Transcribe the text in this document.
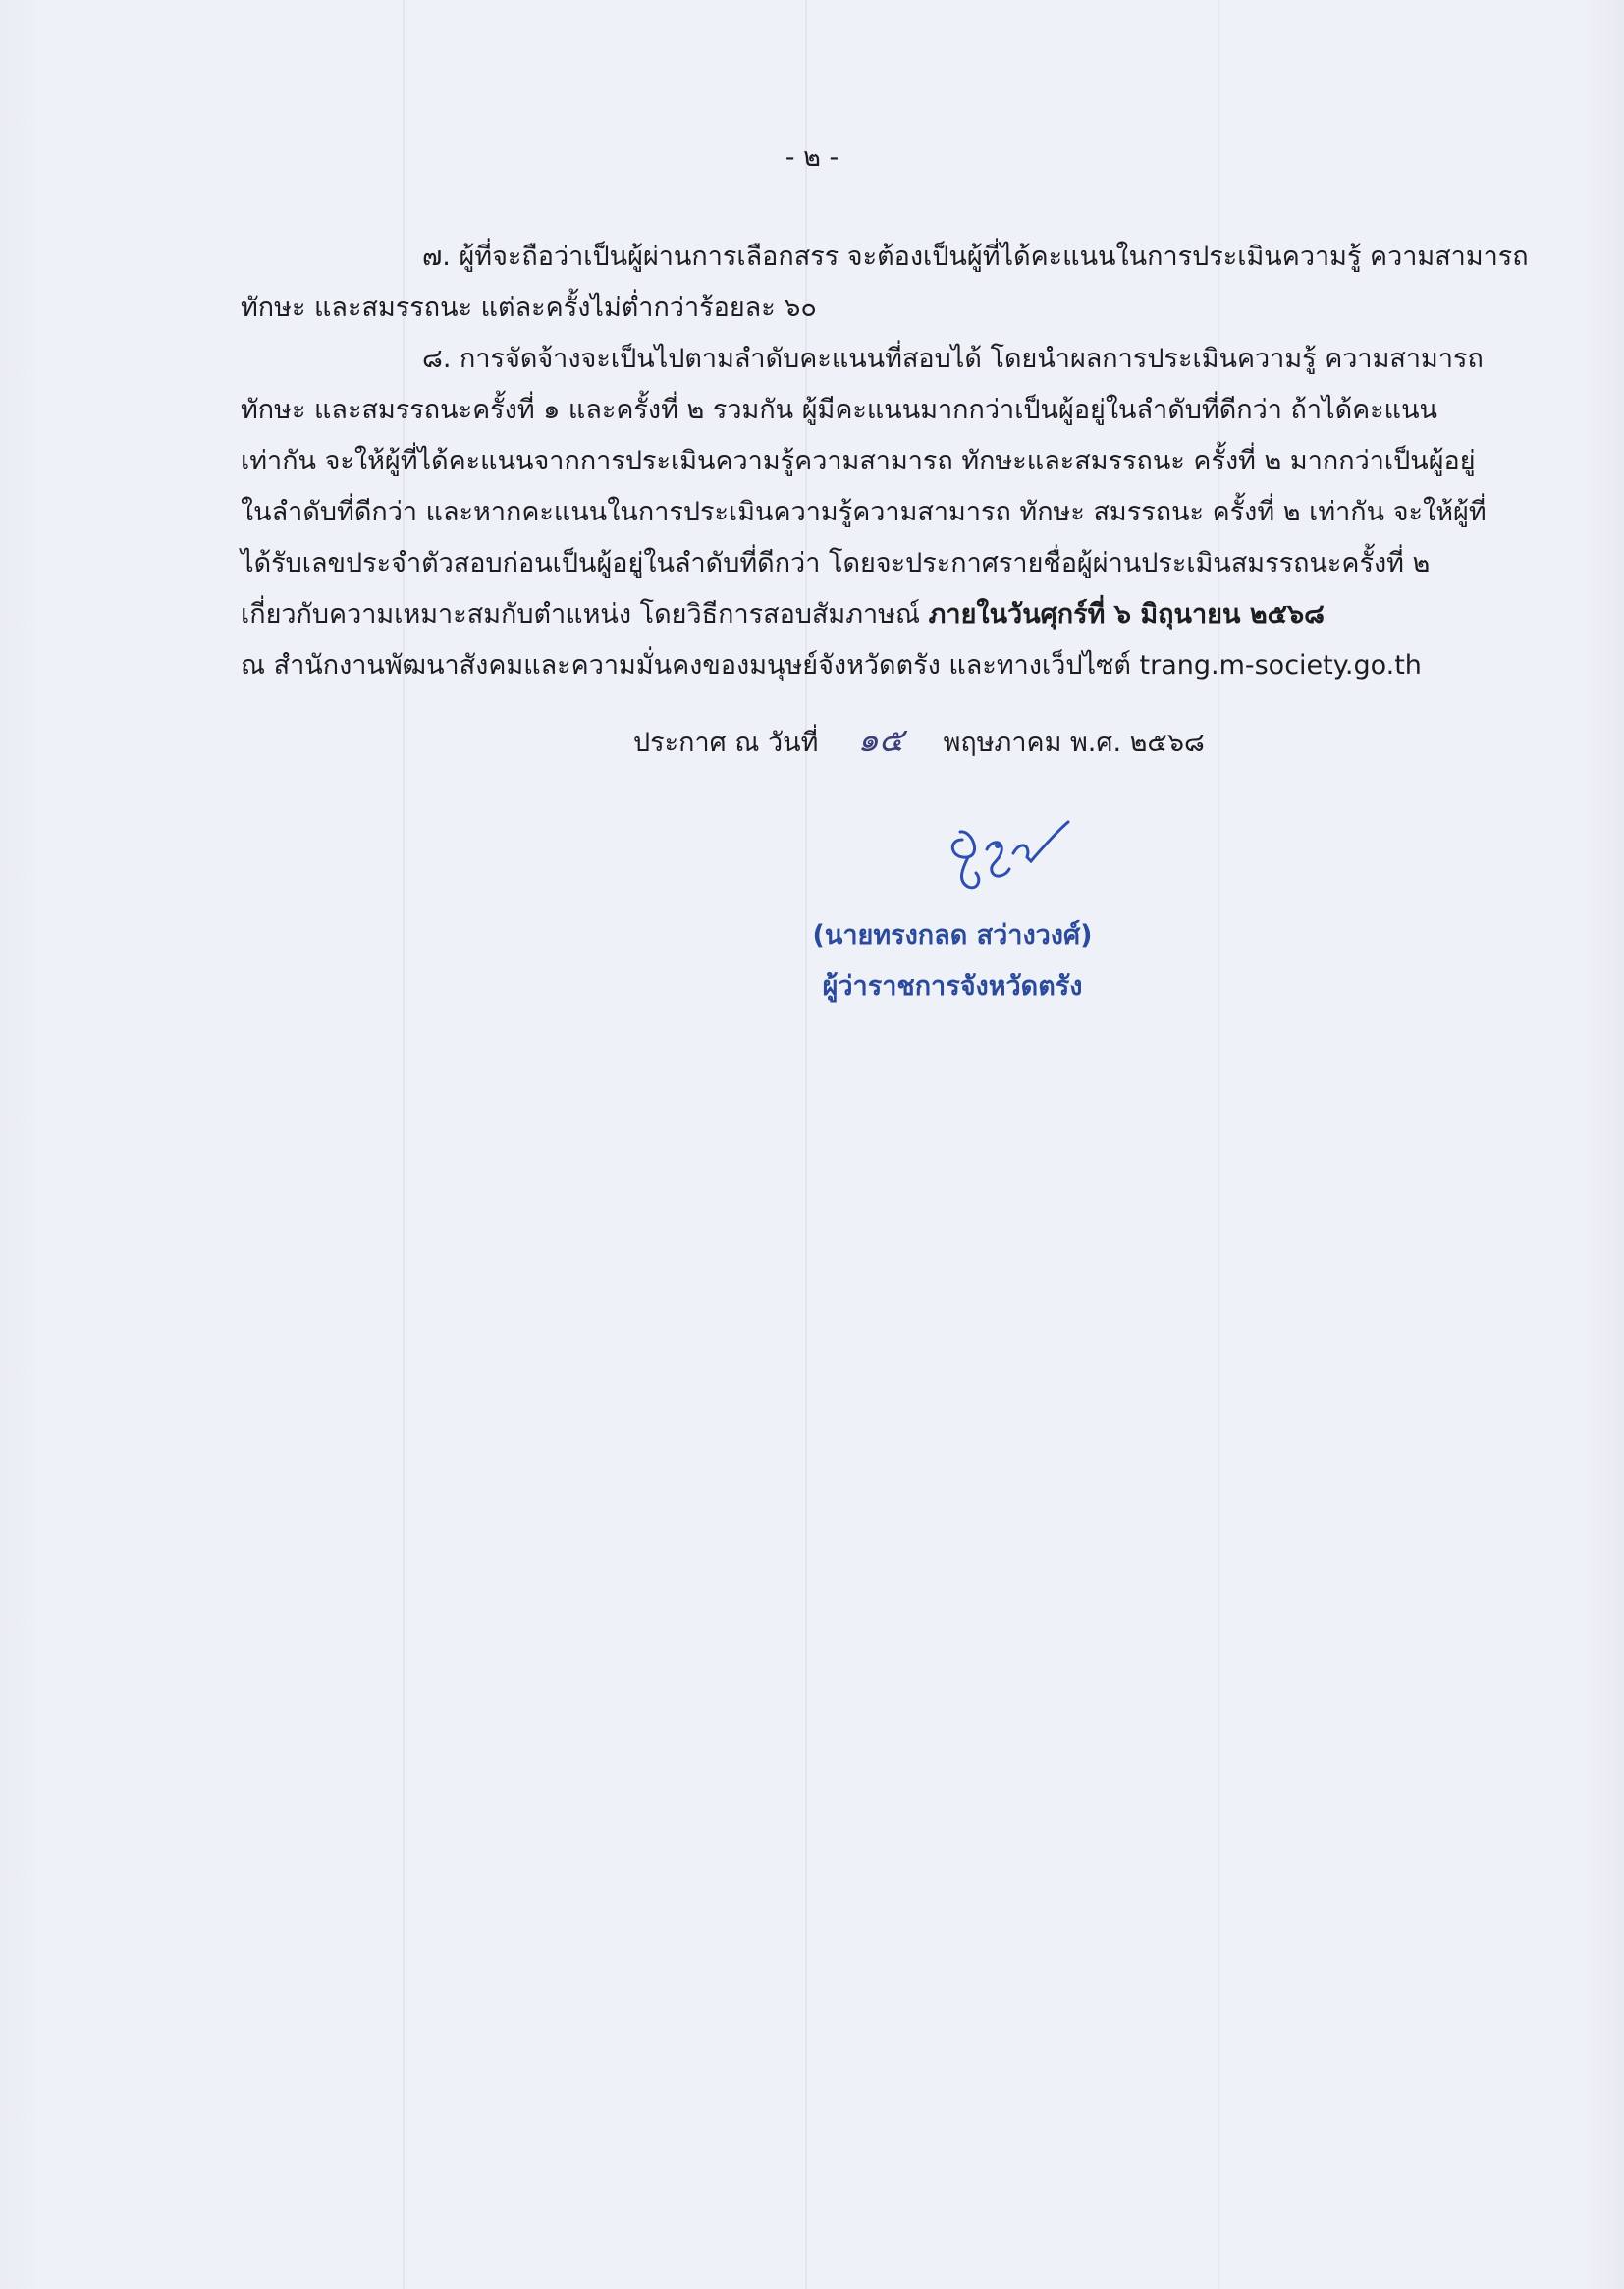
- ๒ -
๗. ผู้ที่จะถือว่าเป็นผู้ผ่านการเลือกสรร จะต้องเป็นผู้ที่ได้คะแนนในการประเมินความรู้ ความสามารถ
ทักษะ และสมรรถนะ แต่ละครั้งไม่ต่ำกว่าร้อยละ ๖๐
๘. การจัดจ้างจะเป็นไปตามลำดับคะแนนที่สอบได้ โดยนำผลการประเมินความรู้ ความสามารถ
ทักษะ และสมรรถนะครั้งที่ ๑ และครั้งที่ ๒ รวมกัน ผู้มีคะแนนมากกว่าเป็นผู้อยู่ในลำดับที่ดีกว่า ถ้าได้คะแนน
เท่ากัน จะให้ผู้ที่ได้คะแนนจากการประเมินความรู้ความสามารถ ทักษะและสมรรถนะ ครั้งที่ ๒ มากกว่าเป็นผู้อยู่
ในลำดับที่ดีกว่า และหากคะแนนในการประเมินความรู้ความสามารถ ทักษะ สมรรถนะ ครั้งที่ ๒ เท่ากัน จะให้ผู้ที่
ได้รับเลขประจำตัวสอบก่อนเป็นผู้อยู่ในลำดับที่ดีกว่า โดยจะประกาศรายชื่อผู้ผ่านประเมินสมรรถนะครั้งที่ ๒
เกี่ยวกับความเหมาะสมกับตำแหน่ง โดยวิธีการสอบสัมภาษณ์ ภายในวันศุกร์ที่ ๖ มิถุนายน ๒๕๖๘
ณ สำนักงานพัฒนาสังคมและความมั่นคงของมนุษย์จังหวัดตรัง และทางเว็ปไซต์ trang.m-society.go.th
ประกาศ ณ วันที่ ๑๕ พฤษภาคม พ.ศ. ๒๕๖๘
(นายทรงกลด สว่างวงศ์)
ผู้ว่าราชการจังหวัดตรัง
